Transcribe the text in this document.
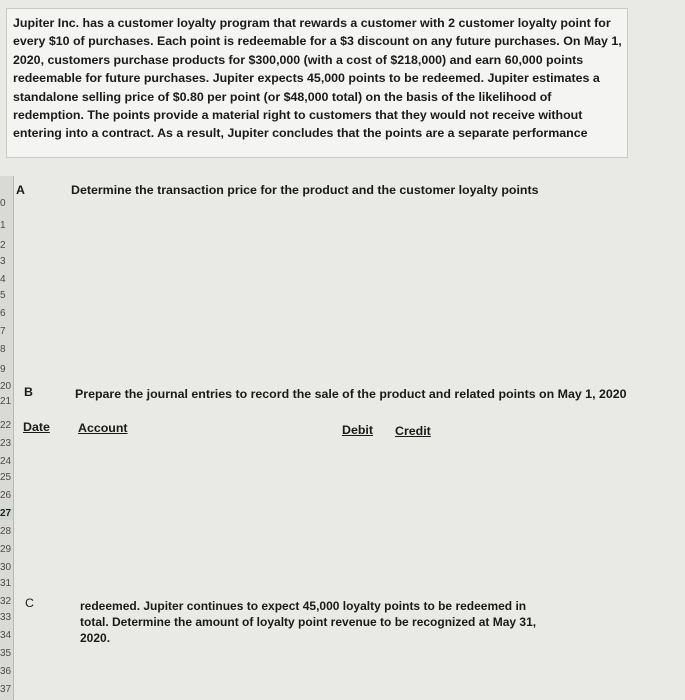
Jupiter Inc. has a customer loyalty program that rewards a customer with 2 customer loyalty point for
every $10 of purchases. Each point is redeemable for a $3 discount on any future purchases. On May 1,
2020, customers purchase products for $300,000 (with a cost of $218,000) and earn 60,000 points
redeemable for future purchases. Jupiter expects 45,000 points to be redeemed. Jupiter estimates a
standalone selling price of $0.80 per point (or $48,000 total) on the basis of the likelihood of
redemption. The points provide a material right to customers that they would not receive without
entering into a contract. As a result, Jupiter concludes that the points are a separate performance
0
1
2
3
4
5
6
7
8
9
20
21
22
23
24
25
26
27
28
29
30
31
32
33
34
35
36
37
A	Determine the transaction price for the product and the customer loyalty points
B	Prepare the journal entries to record the sale of the product and related points on May 1, 2020
Date Account	Debit Credit
C	redeemed. Jupiter continues to expect 45,000 loyalty points to be redeemed in
total. Determine the amount of loyalty point revenue to be recognized at May 31,
2020.
